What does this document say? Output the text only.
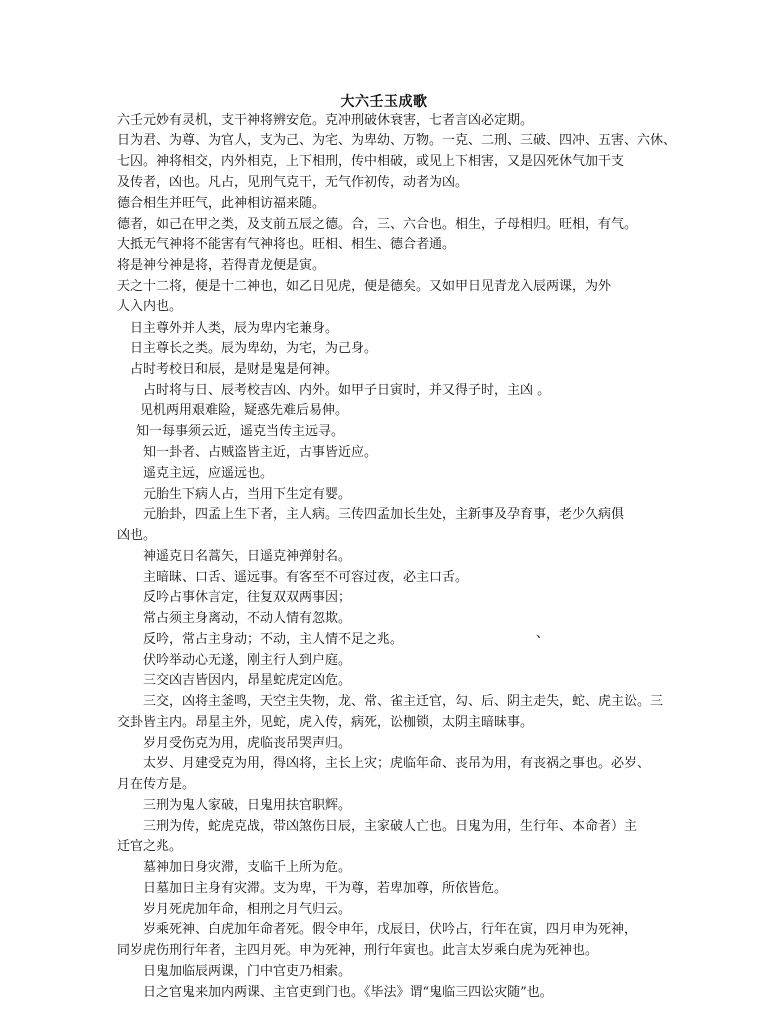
大六壬玉成歌
六壬元妙有灵机，支干神将辨安危。克冲刑破休衰害，七者言凶必定期。
日为君、为尊、为官人，支为己、为宅、为卑幼、万物。一克、二刑、三破、四冲、五害、六休、
七囚。神将相交，内外相克，上下相刑，传中相破，或见上下相害，又是囚死休气加干支
及传者，凶也。凡占，见刑气克干，无气作初传，动者为凶。
德合相生并旺气，此神相访福来随。
德者，如己在甲之类，及支前五辰之德。合，三、六合也。相生，子母相归。旺相，有气。
大抵无气神将不能害有气神将也。旺相、相生、德合者通。
将是神兮神是将，若得青龙便是寅。
天之十二将，便是十二神也，如乙日见虎，便是德矣。又如甲日见青龙入辰两课，为外
人入内也。
日主尊外并人类，辰为卑内宅兼身。
日主尊长之类。辰为卑幼，为宅，为己身。
占时考校日和辰，是财是鬼是何神。
占时将与日、辰考校吉凶、内外。如甲子日寅时，并又得子时，主凶 。
见机两用艰难险，疑惑先难后易伸。
知一每事须云近，遥克当传主远寻。
知一卦者、占贼盗皆主近，古事皆近应。
遥克主远，应遥远也。
元胎生下病人占，当用下生定有婴。
元胎卦，四孟上生下者，主人病。三传四孟加长生处，主新事及孕育事，老少久病俱
凶也。
神遥克日名蒿矢，日遥克神弹射名。
主暗昧、口舌、遥远事。有客至不可容过夜，必主口舌。
反吟占事休言定，往复双双两事因；
常占须主身离动，不动人情有忽欺。
反吟，常占主身动；不动，主人情不足之兆。
伏吟举动心无遂，刚主行人到户庭。
三交凶吉皆因内，昂星蛇虎定凶危。
三交，凶将主釜鸣，天空主失物，龙、常、雀主迁官，勾、后、阴主走失，蛇、虎主讼。三
交卦皆主内。昂星主外，见蛇，虎入传，病死，讼枷锁，太阴主暗昧事。
岁月受伤克为用，虎临丧吊哭声归。
太岁、月建受克为用，得凶将，主长上灾；虎临年命、丧吊为用，有丧祸之事也。必岁、
月在传方是。
三刑为鬼人家破，日鬼用扶官职辉。
三刑为传，蛇虎克战，带凶煞伤日辰，主家破人亡也。日鬼为用，生行年、本命者）主
迁官之兆。
墓神加日身灾滞，支临千上所为危。
日墓加日主身有灾滞。支为卑，干为尊，若卑加尊，所依皆危。
岁月死虎加年命，相刑之月气归云。
岁乘死神、白虎加年命者死。假令申年，戊辰日，伏吟占，行年在寅，四月申为死神，
同岁虎伤刑行年者，主四月死。申为死神，刑行年寅也。此言太岁乘白虎为死神也。
日鬼加临辰两课，门中官吏乃相索。
日之官鬼来加内两课、主官吏到门也。《毕法》谓“鬼临三四讼灾随”也。
、
